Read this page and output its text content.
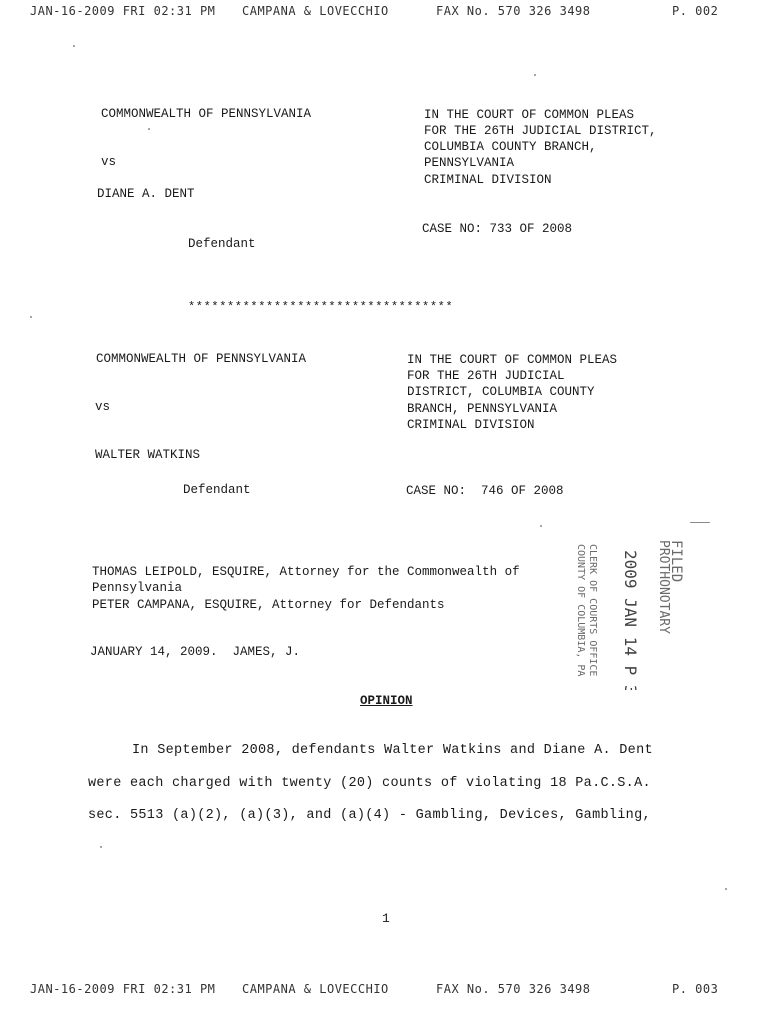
JAN-16-2009 FRI 02:31 PM CAMPANA & LOVECCHIO	FAX No. 570 326 3498	P. 002
COMMONWEALTH OF PENNSYLVANIA
vs
DIANE A. DENT
Defendant
IN THE COURT OF COMMON PLEAS
FOR THE 26TH JUDICIAL DISTRICT,
COLUMBIA COUNTY BRANCH,
PENNSYLVANIA
CRIMINAL DIVISION
CASE NO: 733 OF 2008
**********************************
COMMONWEALTH OF PENNSYLVANIA
vs
WALTER WATKINS
Defendant
IN THE COURT OF COMMON PLEAS
FOR THE 26TH JUDICIAL
DISTRICT, COLUMBIA COUNTY
BRANCH, PENNSYLVANIA
CRIMINAL DIVISION
CASE NO:  746 OF 2008
THOMAS LEIPOLD, ESQUIRE, Attorney for the Commonwealth of
Pennsylvania
PETER CAMPANA, ESQUIRE, Attorney for Defendants
JANUARY 14, 2009.  JAMES, J.
FILED
PROTHONOTARY
2009 JAN 14 P 3:32
CLERK OF COURTS OFFICE
COUNTY OF COLUMBIA, PA
OPINION
In September 2008, defendants Walter Watkins and Diane A. Dent
were each charged with twenty (20) counts of violating 18 Pa.C.S.A.
sec. 5513 (a)(2), (a)(3), and (a)(4) - Gambling, Devices, Gambling,
1
JAN-16-2009 FRI 02:31 PM CAMPANA & LOVECCHIO	FAX No. 570 326 3498	P. 003
